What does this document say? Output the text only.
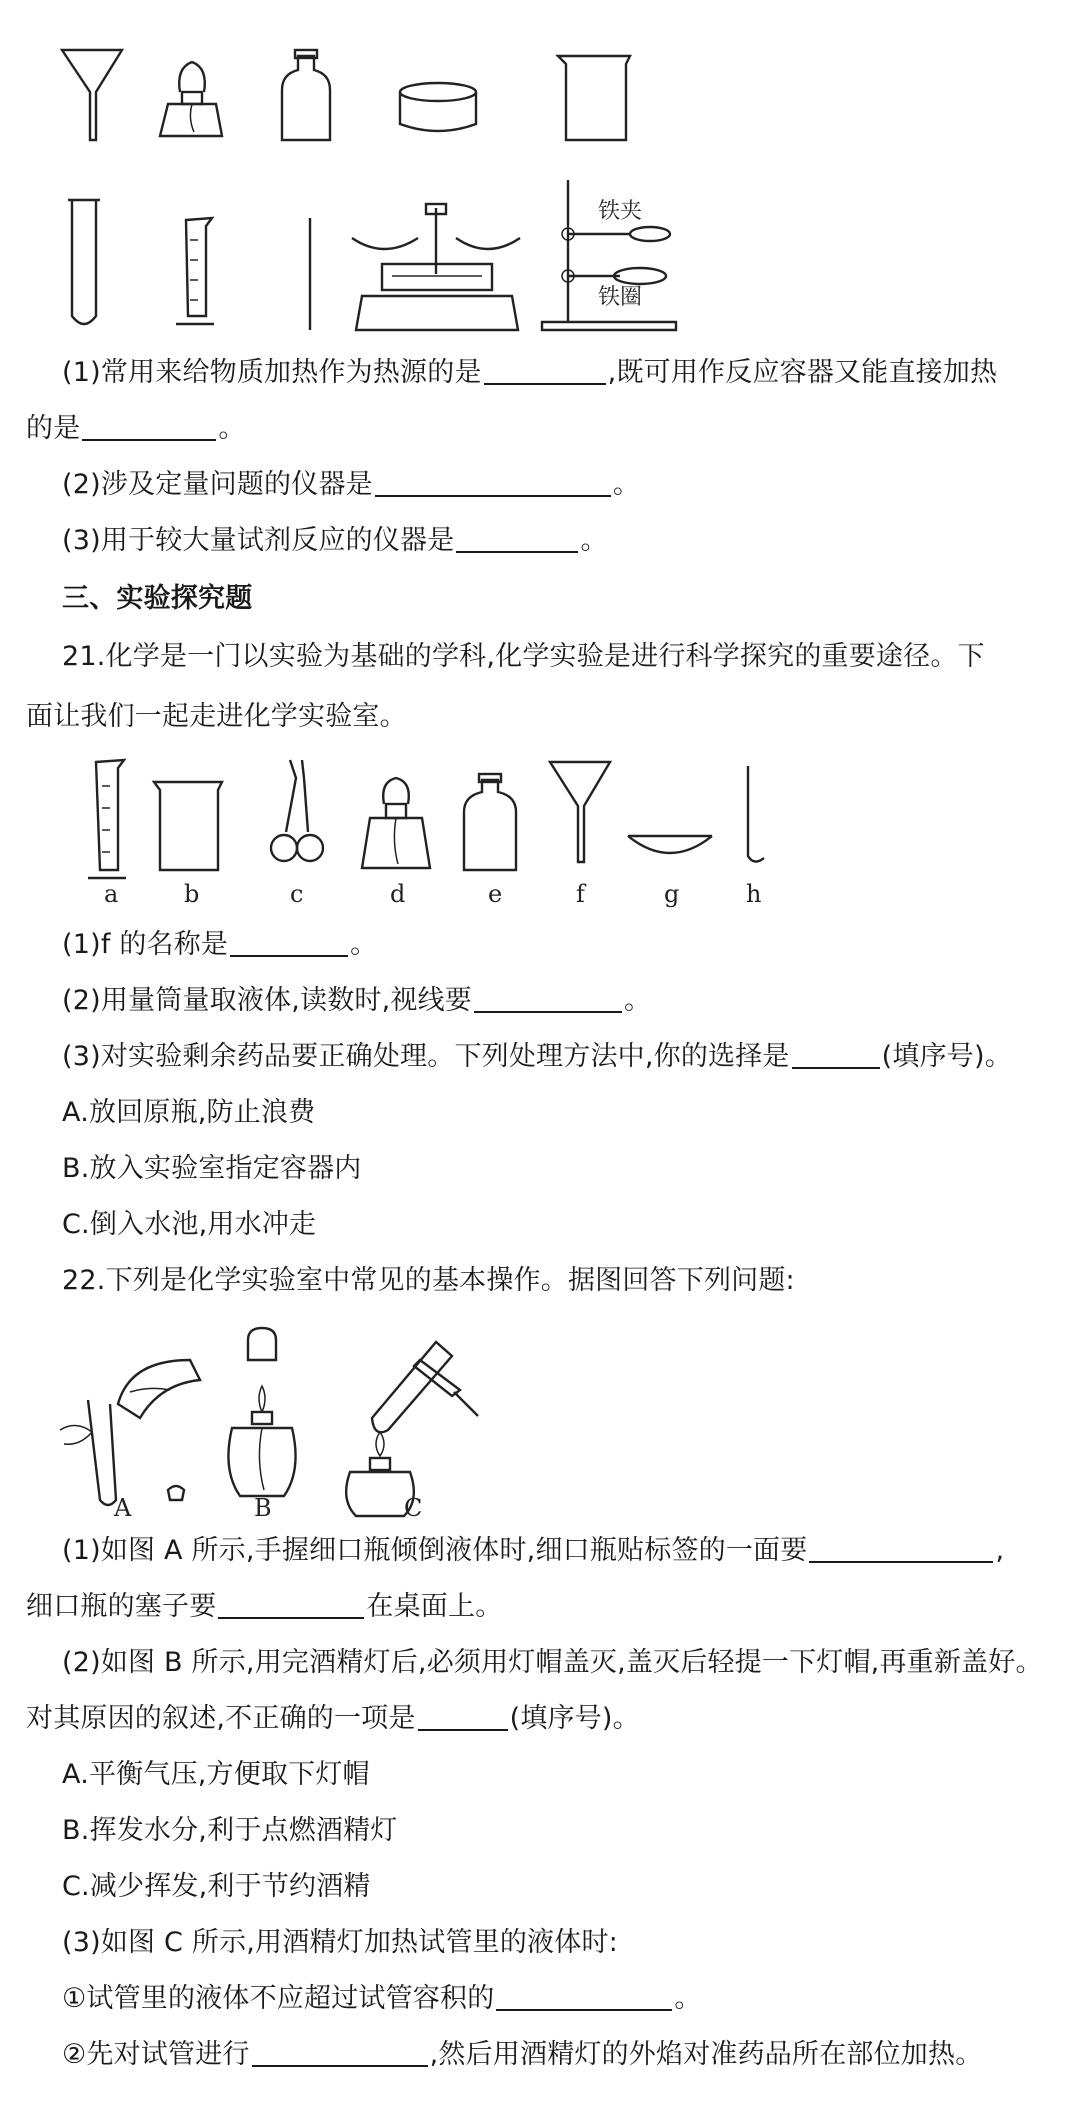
铁夹
铁圈
(1)常用来给物质加热作为热源的是	,既可用作反应容器又能直接加热
的是	。
(2)涉及定量问题的仪器是	。
(3)用于较大量试剂反应的仪器是	。
三、实验探究题
21.化学是一门以实验为基础的学科,化学实验是进行科学探究的重要途径。下
面让我们一起走进化学实验室。
a	b	c	d	e	f	g	h
(1)f 的名称是	。
(2)用量筒量取液体,读数时,视线要	。
(3)对实验剩余药品要正确处理。下列处理方法中,你的选择是	(填序号)。
A.放回原瓶,防止浪费
B.放入实验室指定容器内
C.倒入水池,用水冲走
22.下列是化学实验室中常见的基本操作。据图回答下列问题:
A	B	C
(1)如图 A 所示,手握细口瓶倾倒液体时,细口瓶贴标签的一面要	,
细口瓶的塞子要	在桌面上。
(2)如图 B 所示,用完酒精灯后,必须用灯帽盖灭,盖灭后轻提一下灯帽,再重新盖好。
对其原因的叙述,不正确的一项是	(填序号)。
A.平衡气压,方便取下灯帽
B.挥发水分,利于点燃酒精灯
C.减少挥发,利于节约酒精
(3)如图 C 所示,用酒精灯加热试管里的液体时:
①试管里的液体不应超过试管容积的	。
②先对试管进行	,然后用酒精灯的外焰对准药品所在部位加热。
